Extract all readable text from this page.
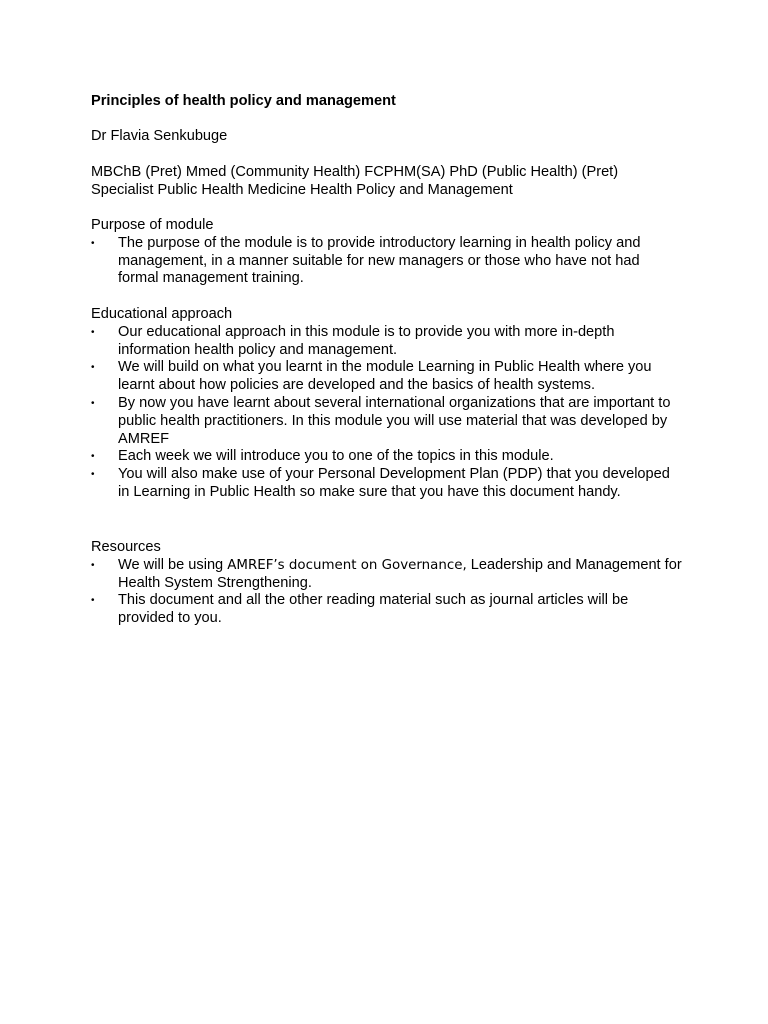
Principles of health policy and management
Dr Flavia Senkubuge
MBChB (Pret) Mmed (Community Health) FCPHM(SA) PhD (Public Health) (Pret)
Specialist Public Health Medicine Health Policy and Management
Purpose of module
• The purpose of the module is to provide introductory learning in health policy and management, in a manner suitable for new managers or those who have not had formal management training.
Educational approach
• Our educational approach in this module is to provide you with more in-depth information health policy and management.
• We will build on what you learnt in the module Learning in Public Health where you learnt about how policies are developed and the basics of health systems.
• By now you have learnt about several international organizations that are important to public health practitioners. In this module you will use material that was developed by AMREF
• Each week we will introduce you to one of the topics in this module.
• You will also make use of your Personal Development Plan (PDP) that you developed in Learning in Public Health so make sure that you have this document handy.
Resources
• We will be using AMREF’s document on Governance, Leadership and Management for Health System Strengthening.
• This document and all the other reading material such as journal articles will be provided to you.
